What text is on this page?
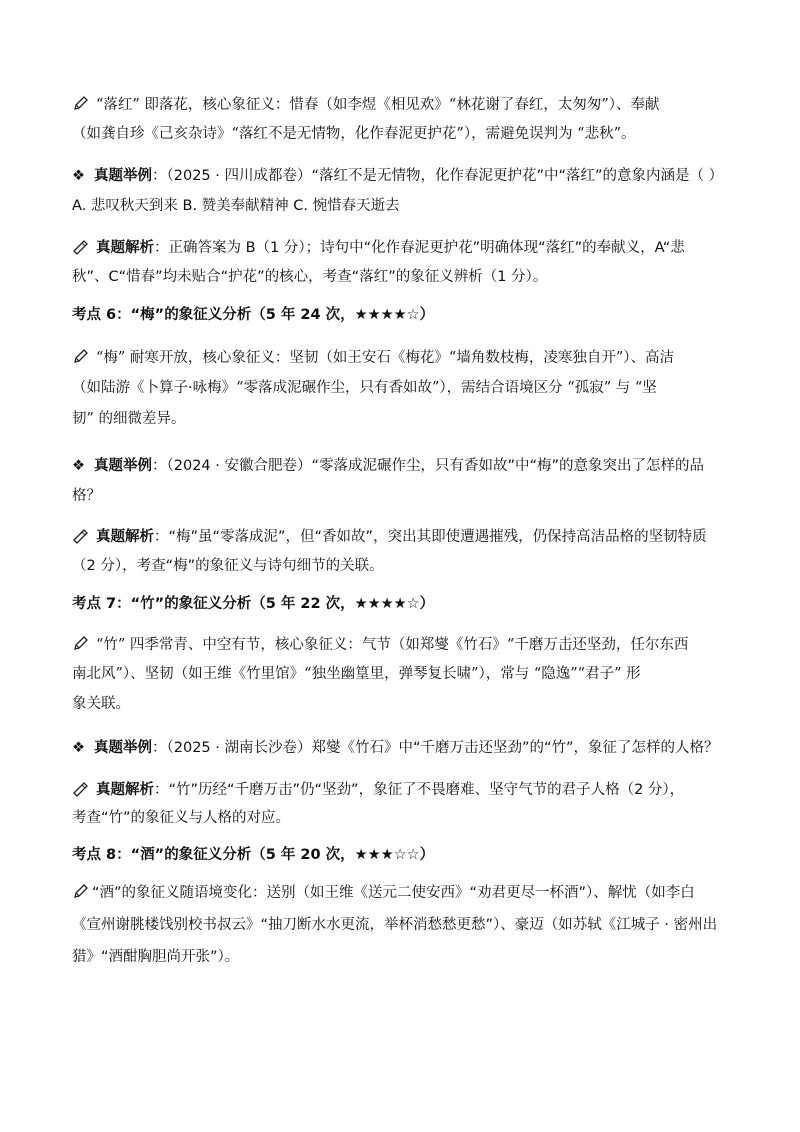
“落红” 即落花，核心象征义：惜春（如李煜《相见欢》“林花谢了春红，太匆匆”）、奉献
（如龚自珍《己亥杂诗》“落红不是无情物，化作春泥更护花”），需避免误判为 “悲秋”。
❖ 真题举例：（2025 · 四川成都卷）“落红不是无情物，化作春泥更护花”中“落红”的意象内涵是（ ）
A. 悲叹秋天到来 B. 赞美奉献精神 C. 惋惜春天逝去
真题解析：正确答案为 B（1 分）；诗句中“化作春泥更护花”明确体现“落红”的奉献义，A“悲
秋”、C“惜春”均未贴合“护花”的核心，考查“落红”的象征义辨析（1 分）。
考点 6：“梅”的象征义分析（5 年 24 次，★★★★☆）
“梅” 耐寒开放，核心象征义：坚韧（如王安石《梅花》“墙角数枝梅，凌寒独自开”）、高洁
（如陆游《卜算子·咏梅》“零落成泥碾作尘，只有香如故”），需结合语境区分 “孤寂” 与 “坚
韧” 的细微差异。
❖ 真题举例：（2024 · 安徽合肥卷）“零落成泥碾作尘，只有香如故”中“梅”的意象突出了怎样的品
格？
真题解析：“梅”虽“零落成泥”，但“香如故”，突出其即使遭遇摧残，仍保持高洁品格的坚韧特质
（2 分），考查“梅”的象征义与诗句细节的关联。
考点 7：“竹”的象征义分析（5 年 22 次，★★★★☆）
“竹” 四季常青、中空有节，核心象征义：气节（如郑燮《竹石》“千磨万击还坚劲，任尔东西
南北风”）、坚韧（如王维《竹里馆》“独坐幽篁里，弹琴复长啸”），常与 “隐逸”“君子” 形
象关联。
❖ 真题举例：（2025 · 湖南长沙卷）郑燮《竹石》中“千磨万击还坚劲”的“竹”，象征了怎样的人格？
真题解析：“竹”历经“千磨万击”仍“坚劲”，象征了不畏磨难、坚守气节的君子人格（2 分），
考查“竹”的象征义与人格的对应。
考点 8：“酒”的象征义分析（5 年 20 次，★★★☆☆）
“酒”的象征义随语境变化：送别（如王维《送元二使安西》“劝君更尽一杯酒”）、解忧（如李白
《宣州谢朓楼饯别校书叔云》“抽刀断水水更流，举杯消愁愁更愁”）、豪迈（如苏轼《江城子 · 密州出
猎》“酒酣胸胆尚开张”）。
